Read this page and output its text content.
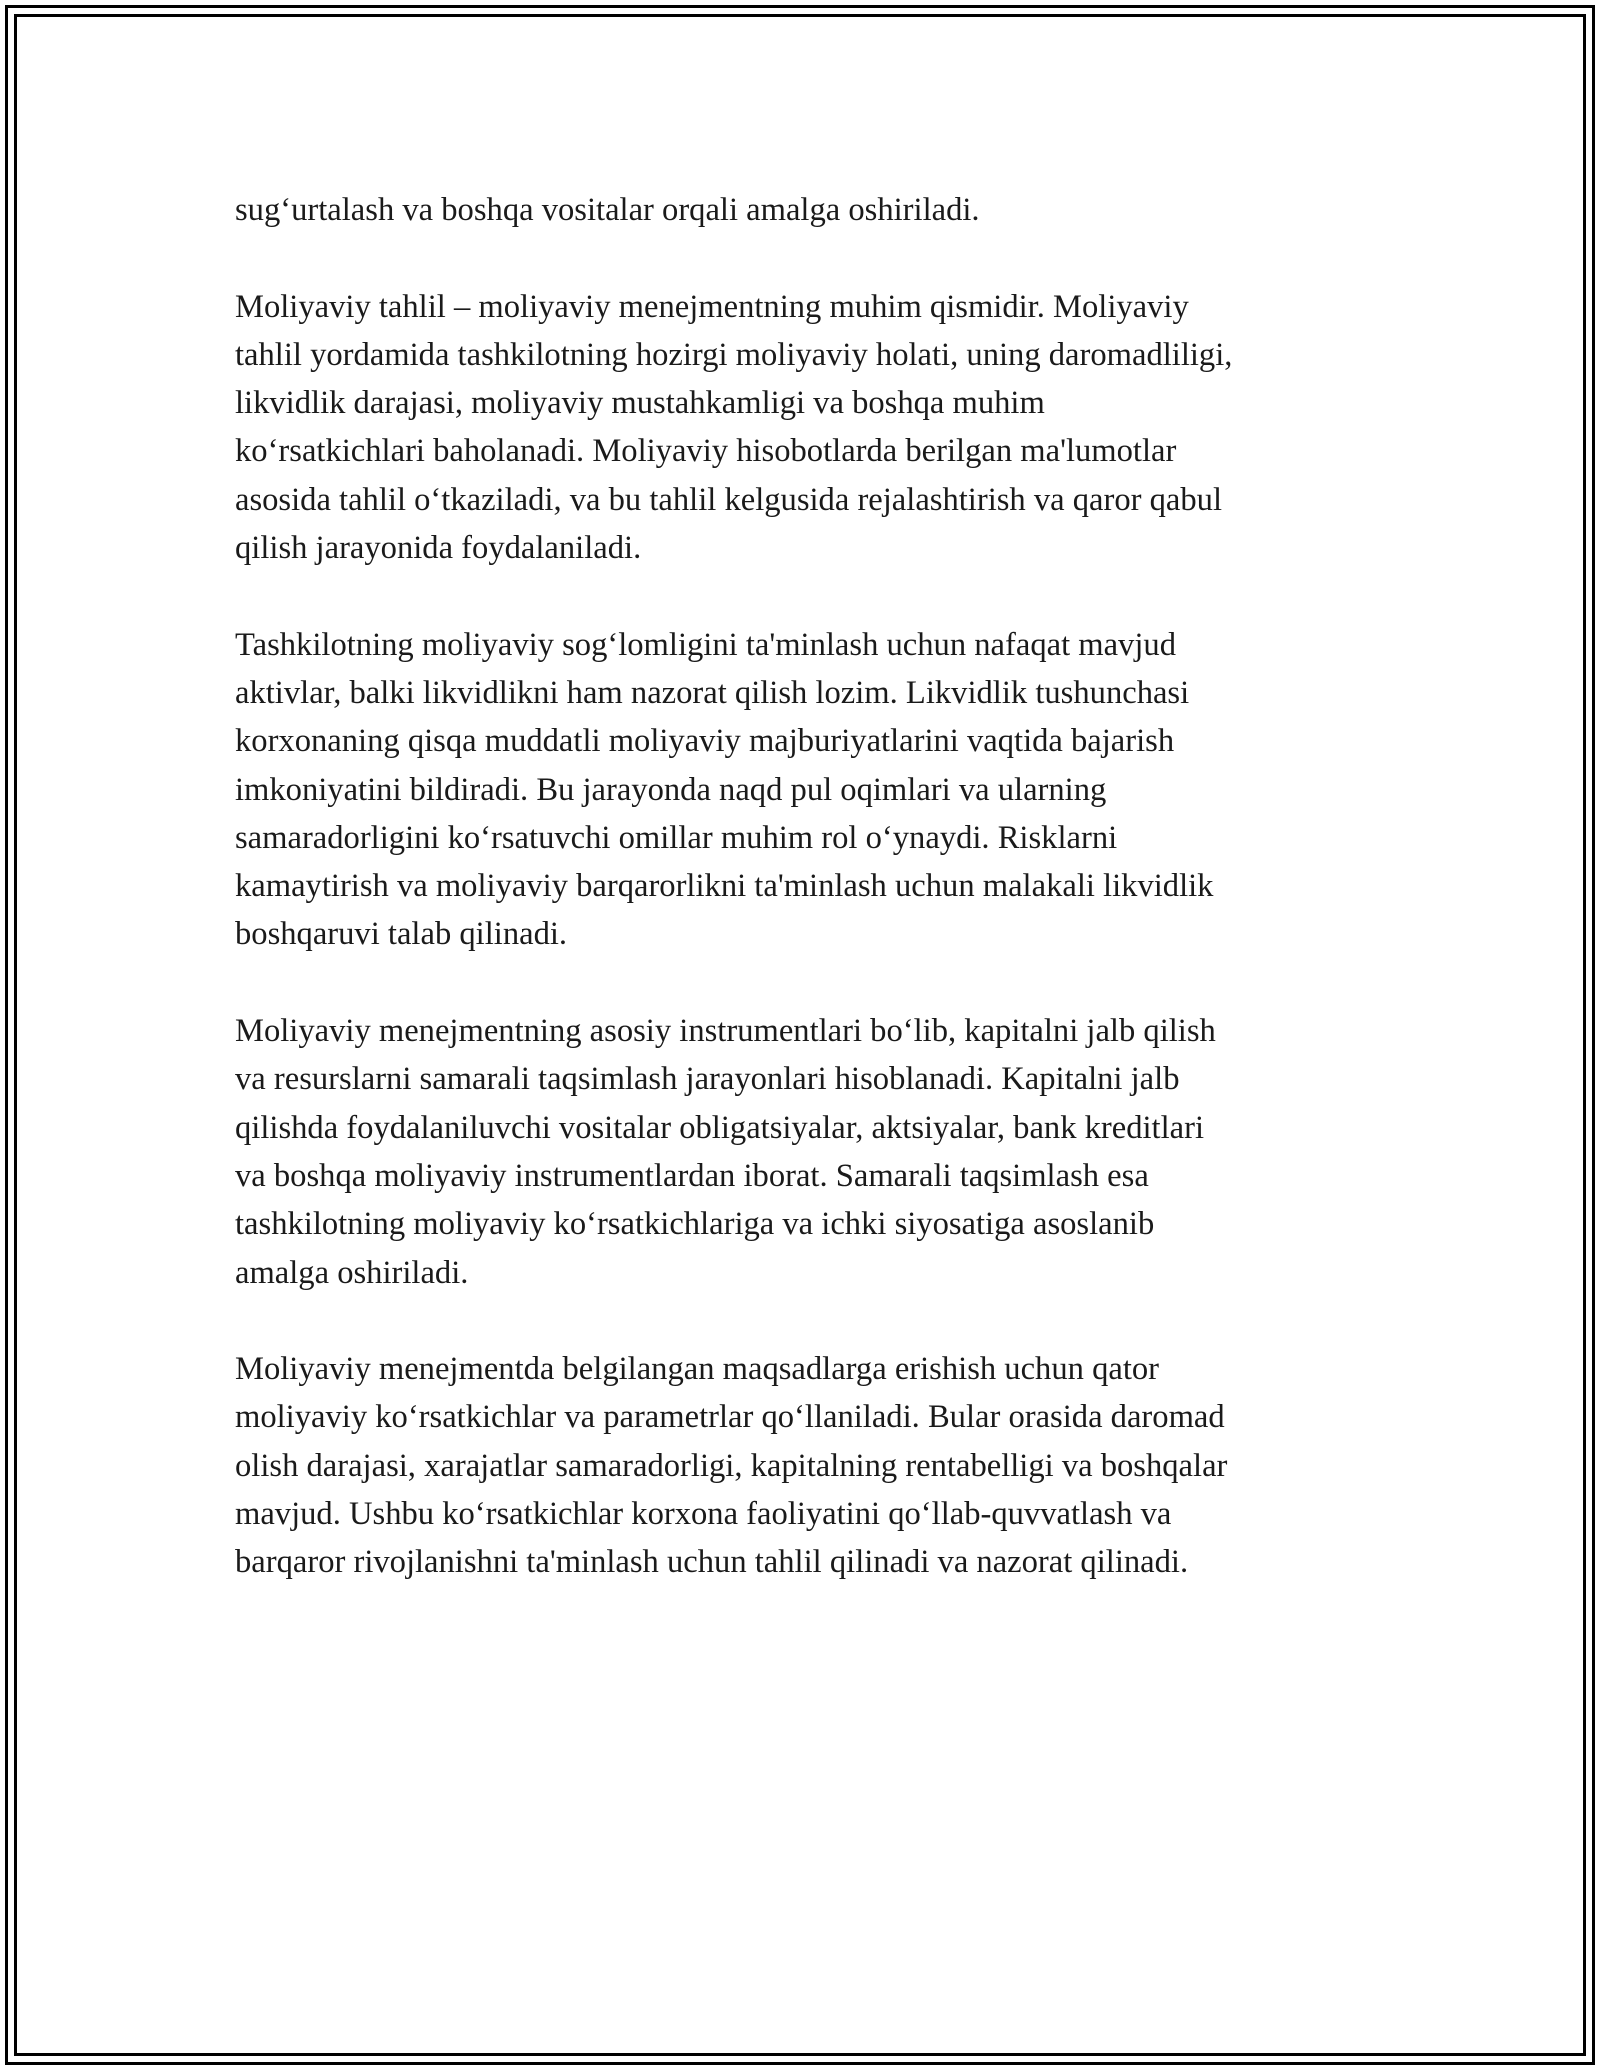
sug‘urtalash va boshqa vositalar orqali amalga oshiriladi.

Moliyaviy tahlil – moliyaviy menejmentning muhim qismidir. Moliyaviy
tahlil yordamida tashkilotning hozirgi moliyaviy holati, uning daromadliligi,
likvidlik darajasi, moliyaviy mustahkamligi va boshqa muhim
ko‘rsatkichlari baholanadi. Moliyaviy hisobotlarda berilgan ma'lumotlar
asosida tahlil o‘tkaziladi, va bu tahlil kelgusida rejalashtirish va qaror qabul
qilish jarayonida foydalaniladi.

Tashkilotning moliyaviy sog‘lomligini ta'minlash uchun nafaqat mavjud
aktivlar, balki likvidlikni ham nazorat qilish lozim. Likvidlik tushunchasi
korxonaning qisqa muddatli moliyaviy majburiyatlarini vaqtida bajarish
imkoniyatini bildiradi. Bu jarayonda naqd pul oqimlari va ularning
samaradorligini ko‘rsatuvchi omillar muhim rol o‘ynaydi. Risklarni
kamaytirish va moliyaviy barqarorlikni ta'minlash uchun malakali likvidlik
boshqaruvi talab qilinadi.

Moliyaviy menejmentning asosiy instrumentlari bo‘lib, kapitalni jalb qilish
va resurslarni samarali taqsimlash jarayonlari hisoblanadi. Kapitalni jalb
qilishda foydalaniluvchi vositalar obligatsiyalar, aktsiyalar, bank kreditlari
va boshqa moliyaviy instrumentlardan iborat. Samarali taqsimlash esa
tashkilotning moliyaviy ko‘rsatkichlariga va ichki siyosatiga asoslanib
amalga oshiriladi.

Moliyaviy menejmentda belgilangan maqsadlarga erishish uchun qator
moliyaviy ko‘rsatkichlar va parametrlar qo‘llaniladi. Bular orasida daromad
olish darajasi, xarajatlar samaradorligi, kapitalning rentabelligi va boshqalar
mavjud. Ushbu ko‘rsatkichlar korxona faoliyatini qo‘llab-quvvatlash va
barqaror rivojlanishni ta'minlash uchun tahlil qilinadi va nazorat qilinadi.
